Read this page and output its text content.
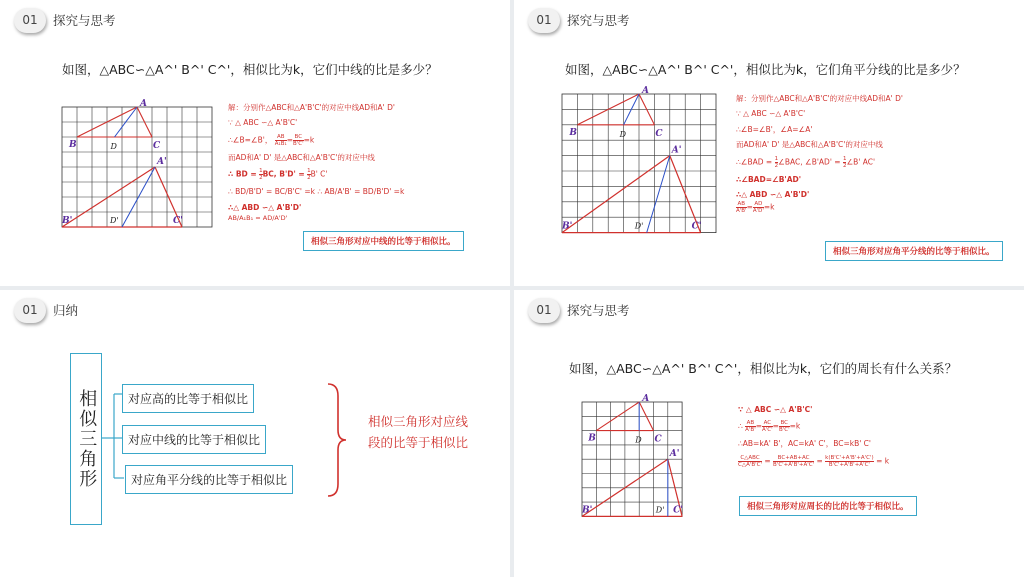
01	探究与思考
如图，△ABC∽△A^' B^' C^'，相似比为k，它们中线的比是多少？
A
B	C
D
A'
B'	C'
D'
解：分别作△ABC和△A'B'C'的对应中线AD和A' D'
∵ △ ABC ∽△ A'B'C'
∴∠B=∠B'， $\frac{AB}{\text{A₁B₁}} = \frac{BC}{B'C'} =k$
而AD和A' D' 是△ABC和△A'B'C'的对应中线
∴ BD = $\frac{1}{2}$ BC, $B'D' = \frac{1}{2} B'$ C'
∴ BD/B'D' = BC/B'C' =k ∴ AB/A'B' = BD/B'D' =k
∴△ ABD ∽△ A'B'D'
AB/A₁B₁ = AD/A'D'
相似三角形对应中线的比等于相似比。
01	探究与思考
如图，△ABC∽△A^' B^' C^'，相似比为k，它们角平分线的比是多少？
A
B	C
D
A'
B'	C'
D'
解：分别作△ABC和△A'B'C'的对应中线AD和A' D'
∵ △ ABC ∽△ A'B'C'
∴∠B=∠B'，∠A=∠A'
而AD和A' D' 是△ABC和△A'B'C'的对应中线
∴∠BAD = $\frac{1}{2}$ ∠BAC, ∠B'AD' = $\frac{1}{2}$ ∠B' AC'
∴∠BAD=∠B'AD'
∴△ ABD ∽△ A'B'D'
$\frac{AB}{A'B'} = \frac{AD}{A'D'} =k$
相似三角形对应角平分线的比等于相似比。
01	归纳
相似三角形	对应高的比等于相似比
对应中线的比等于相似比
对应角平分线的比等于相似比
相似三角形对应线段的比等于相似比
01	探究与思考
如图，△ABC∽△A^' B^' C^'，相似比为k，它们的周长有什么关系？
A
B	C
D
A'
B'	C'
D'
∵ △ ABC ∽△ A'B'C'
∴ $\frac{AB}{A'B'} = \frac{AC}{A'C'} = \frac{BC}{B'C'} =k$
∴AB=kA' B'，AC=kA' C'，BC=kB' C'
$\frac{\text{C△ABC}}{C\triangle A'B'C'} = \frac{BC+AB+AC}{B'C'+A'B'+A'C'} = \frac{k(B'C'+A'B'+A'C')}{B'C'+A'B'+A'C'} = k$
相似三角形对应周长的比的比等于相似比。
